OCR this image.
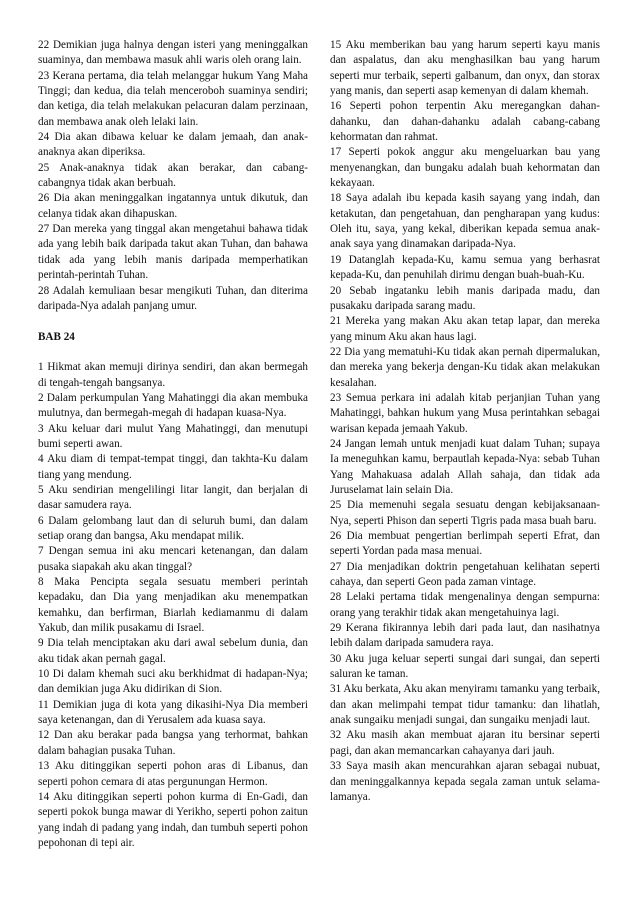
22 Demikian juga halnya dengan isteri yang meninggalkan suaminya, dan membawa masuk ahli waris oleh orang lain.

23 Kerana pertama, dia telah melanggar hukum Yang Maha Tinggi; dan kedua, dia telah menceroboh suaminya sendiri; dan ketiga, dia telah melakukan pelacuran dalam perzinaan, dan membawa anak oleh lelaki lain.

24 Dia akan dibawa keluar ke dalam jemaah, dan anak-anaknya akan diperiksa.

25 Anak-anaknya tidak akan berakar, dan cabang-cabangnya tidak akan berbuah.

26 Dia akan meninggalkan ingatannya untuk dikutuk, dan celanya tidak akan dihapuskan.

27 Dan mereka yang tinggal akan mengetahui bahawa tidak ada yang lebih baik daripada takut akan Tuhan, dan bahawa tidak ada yang lebih manis daripada memperhatikan perintah-perintah Tuhan.

28 Adalah kemuliaan besar mengikuti Tuhan, dan diterima daripada-Nya adalah panjang umur.

BAB 24

1 Hikmat akan memuji dirinya sendiri, dan akan bermegah di tengah-tengah bangsanya.

2 Dalam perkumpulan Yang Mahatinggi dia akan membuka mulutnya, dan bermegah-megah di hadapan kuasa-Nya.

3 Aku keluar dari mulut Yang Mahatinggi, dan menutupi bumi seperti awan.

4 Aku diam di tempat-tempat tinggi, dan takhta-Ku dalam tiang yang mendung.

5 Aku sendirian mengelilingi litar langit, dan berjalan di dasar samudera raya.

6 Dalam gelombang laut dan di seluruh bumi, dan dalam setiap orang dan bangsa, Aku mendapat milik.

7 Dengan semua ini aku mencari ketenangan, dan dalam pusaka siapakah aku akan tinggal?

8 Maka Pencipta segala sesuatu memberi perintah kepadaku, dan Dia yang menjadikan aku menempatkan kemahku, dan berfirman, Biarlah kediamanmu di dalam Yakub, dan milik pusakamu di Israel.

9 Dia telah menciptakan aku dari awal sebelum dunia, dan aku tidak akan pernah gagal.

10 Di dalam khemah suci aku berkhidmat di hadapan-Nya; dan demikian juga Aku didirikan di Sion.

11 Demikian juga di kota yang dikasihi-Nya Dia memberi saya ketenangan, dan di Yerusalem ada kuasa saya.

12 Dan aku berakar pada bangsa yang terhormat, bahkan dalam bahagian pusaka Tuhan.

13 Aku ditinggikan seperti pohon aras di Libanus, dan seperti pohon cemara di atas pergunungan Hermon.

14 Aku ditinggikan seperti pohon kurma di En-Gadi, dan seperti pokok bunga mawar di Yerikho, seperti pohon zaitun yang indah di padang yang indah, dan tumbuh seperti pohon pepohonan di tepi air.

15 Aku memberikan bau yang harum seperti kayu manis dan aspalatus, dan aku menghasilkan bau yang harum seperti mur terbaik, seperti galbanum, dan onyx, dan storax yang manis, dan seperti asap kemenyan di dalam khemah.

16 Seperti pohon terpentin Aku meregangkan dahan-dahanku, dan dahan-dahanku adalah cabang-cabang kehormatan dan rahmat.

17 Seperti pokok anggur aku mengeluarkan bau yang menyenangkan, dan bungaku adalah buah kehormatan dan kekayaan.

18 Saya adalah ibu kepada kasih sayang yang indah, dan ketakutan, dan pengetahuan, dan pengharapan yang kudus: Oleh itu, saya, yang kekal, diberikan kepada semua anak-anak saya yang dinamakan daripada-Nya.

19 Datanglah kepada-Ku, kamu semua yang berhasrat kepada-Ku, dan penuhilah dirimu dengan buah-buah-Ku.

20 Sebab ingatanku lebih manis daripada madu, dan pusakaku daripada sarang madu.

21 Mereka yang makan Aku akan tetap lapar, dan mereka yang minum Aku akan haus lagi.

22 Dia yang mematuhi-Ku tidak akan pernah dipermalukan, dan mereka yang bekerja dengan-Ku tidak akan melakukan kesalahan.

23 Semua perkara ini adalah kitab perjanjian Tuhan yang Mahatinggi, bahkan hukum yang Musa perintahkan sebagai warisan kepada jemaah Yakub.

24 Jangan lemah untuk menjadi kuat dalam Tuhan; supaya Ia meneguhkan kamu, berpautlah kepada-Nya: sebab Tuhan Yang Mahakuasa adalah Allah sahaja, dan tidak ada Juruselamat lain selain Dia.

25 Dia memenuhi segala sesuatu dengan kebijaksanaan-Nya, seperti Phison dan seperti Tigris pada masa buah baru.

26 Dia membuat pengertian berlimpah seperti Efrat, dan seperti Yordan pada masa menuai.

27 Dia menjadikan doktrin pengetahuan kelihatan seperti cahaya, dan seperti Geon pada zaman vintage.

28 Lelaki pertama tidak mengenalinya dengan sempurna: orang yang terakhir tidak akan mengetahuinya lagi.

29 Kerana fikirannya lebih dari pada laut, dan nasihatnya lebih dalam daripada samudera raya.

30 Aku juga keluar seperti sungai dari sungai, dan seperti saluran ke taman.

31 Aku berkata, Aku akan menyiramı tamanku yang terbaik, dan akan melimpahi tempat tidur tamanku: dan lihatlah, anak sungaiku menjadi sungai, dan sungaiku menjadi laut.

32 Aku masih akan membuat ajaran itu bersinar seperti pagi, dan akan memancarkan cahayanya dari jauh.

33 Saya masih akan mencurahkan ajaran sebagai nubuat, dan meninggalkannya kepada segala zaman untuk selama-lamanya.
